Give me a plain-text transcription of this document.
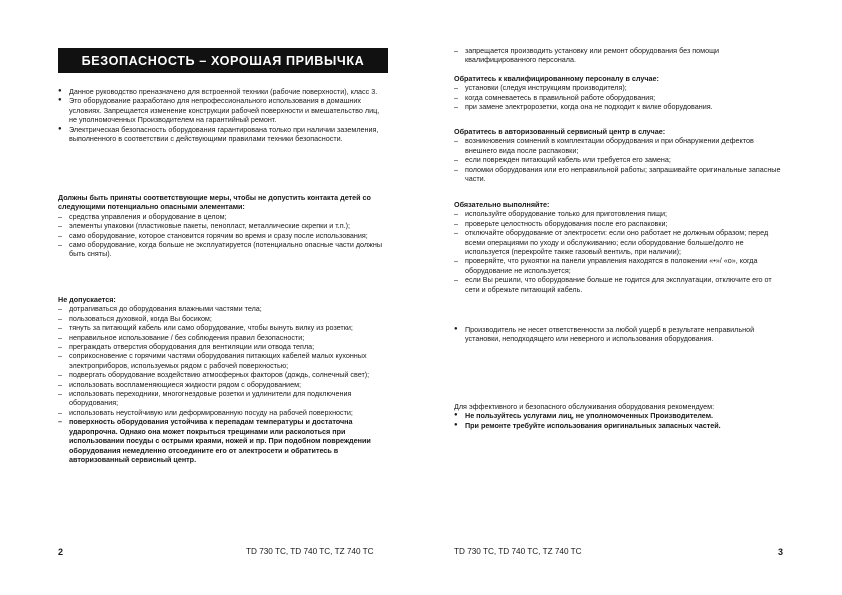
БЕЗОПАСНОСТЬ – ХОРОШАЯ ПРИВЫЧКА

● Данное руководство преназначено для встроенной техники (рабочие поверхности), класс 3.

● Это оборудование разработано для непрофессионального использования в домашних условиях. Запрещается изменение конструкции рабочей поверхности и вмешательство лиц, не уполномоченных Производителем на гарантийный ремонт.

● Электрическая безопасность оборудования гарантирована только при наличии заземления, выполненного в соответствии с действующими правилами техники безопасности.

Должны быть приняты соответствующие меры, чтобы не допустить контакта детей со следующими потенциально опасными элементами:

– средства управления и оборудование в целом;

– элементы упаковки (пластиковые пакеты, пенопласт, металлические скрепки и т.п.);

– само оборудование, которое становится горячим во время и сразу после использования;

– само оборудование, когда больше не эксплуатируется (потенциально опасные части должны быть сняты).

Не допускается:

– дотрагиваться до оборудования влажными частями тела;

– пользоваться духовкой, когда Вы босиком;

– тянуть за питающий кабель или само оборудование, чтобы вынуть вилку из розетки;

– неправильное использование / без соблюдения правил безопасности;

– преграждать отверстия оборудования для вентиляции или отвода тепла;

– соприкосновение с горячими частями оборудования питающих кабелей малых кухонных электроприборов, используемых рядом с рабочей поверхностью;

– подвергать оборудование воздействию атмосферных факторов (дождь, солнечный свет);

– использовать воспламеняющиеся жидкости рядом с оборудованием;

– использовать переходники, многогнездовые розетки и удлинители для подключения оборудования;

– использовать неустойчивую или деформированную посуду на рабочей поверхности;

– поверхность оборудования устойчива к перепадам температуры и достаточна ударопрочна. Однако она может покрыться трещинами или расколоться при использовании посуды с острыми краями, ножей и пр. При подобном повреждении оборудования немедленно отсоедините его от электросети и обратитесь в авторизованный сервисный центр.

– запрещается производить установку или ремонт оборудования без помощи квалифицированного персонала.

Обратитесь к квалифицированному персоналу в случае:

– установки (следуя инструкциям производителя);

– когда сомневаетесь в правильной работе оборудования;

– при замене электророзетки, когда она не подходит к вилке оборудования.

Обратитесь в авторизованный сервисный центр в случае:

– возникновения сомнений в комплектации оборудования и при обнаружении дефектов внешнего вида после распаковки;

– если поврежден питающий кабель или требуется его замена;

– поломки оборудования или его неправильной работы; запрашивайте оригинальные запасные части.

Обязательно выполняйте:

– используйте оборудование только для приготовления пищи;

– проверьте целостность оборудования после его распаковки;

– отключайте оборудование от электросети: если оно работает не должным образом; перед всеми операциями по уходу и обслуживанию; если оборудование больше/долго не используется (перекройте также газовый вентиль, при наличии);

– проверяйте, что рукоятки на панели управления находятся в положении «•»/ «о», когда оборудование не используется;

– если Вы решили, что оборудование больше не годится для эксплуатации, отключите его от сети и обрежьте питающий кабель.

● Производитель не несет ответственности за любой ущерб в результате неправильной установки, неподходящего или неверного и использования оборудования.

Для эффективного и безопасного обслуживания оборудования рекомендуем:

● Не пользуйтесь услугами лиц, не уполномоченных Производителем.

● При ремонте требуйте использования оригинальных запасных частей.

2	TD 730 TC, TD 740 TC, TZ 740 TC	TD 730 TC, TD 740 TC, TZ 740 TC	3
